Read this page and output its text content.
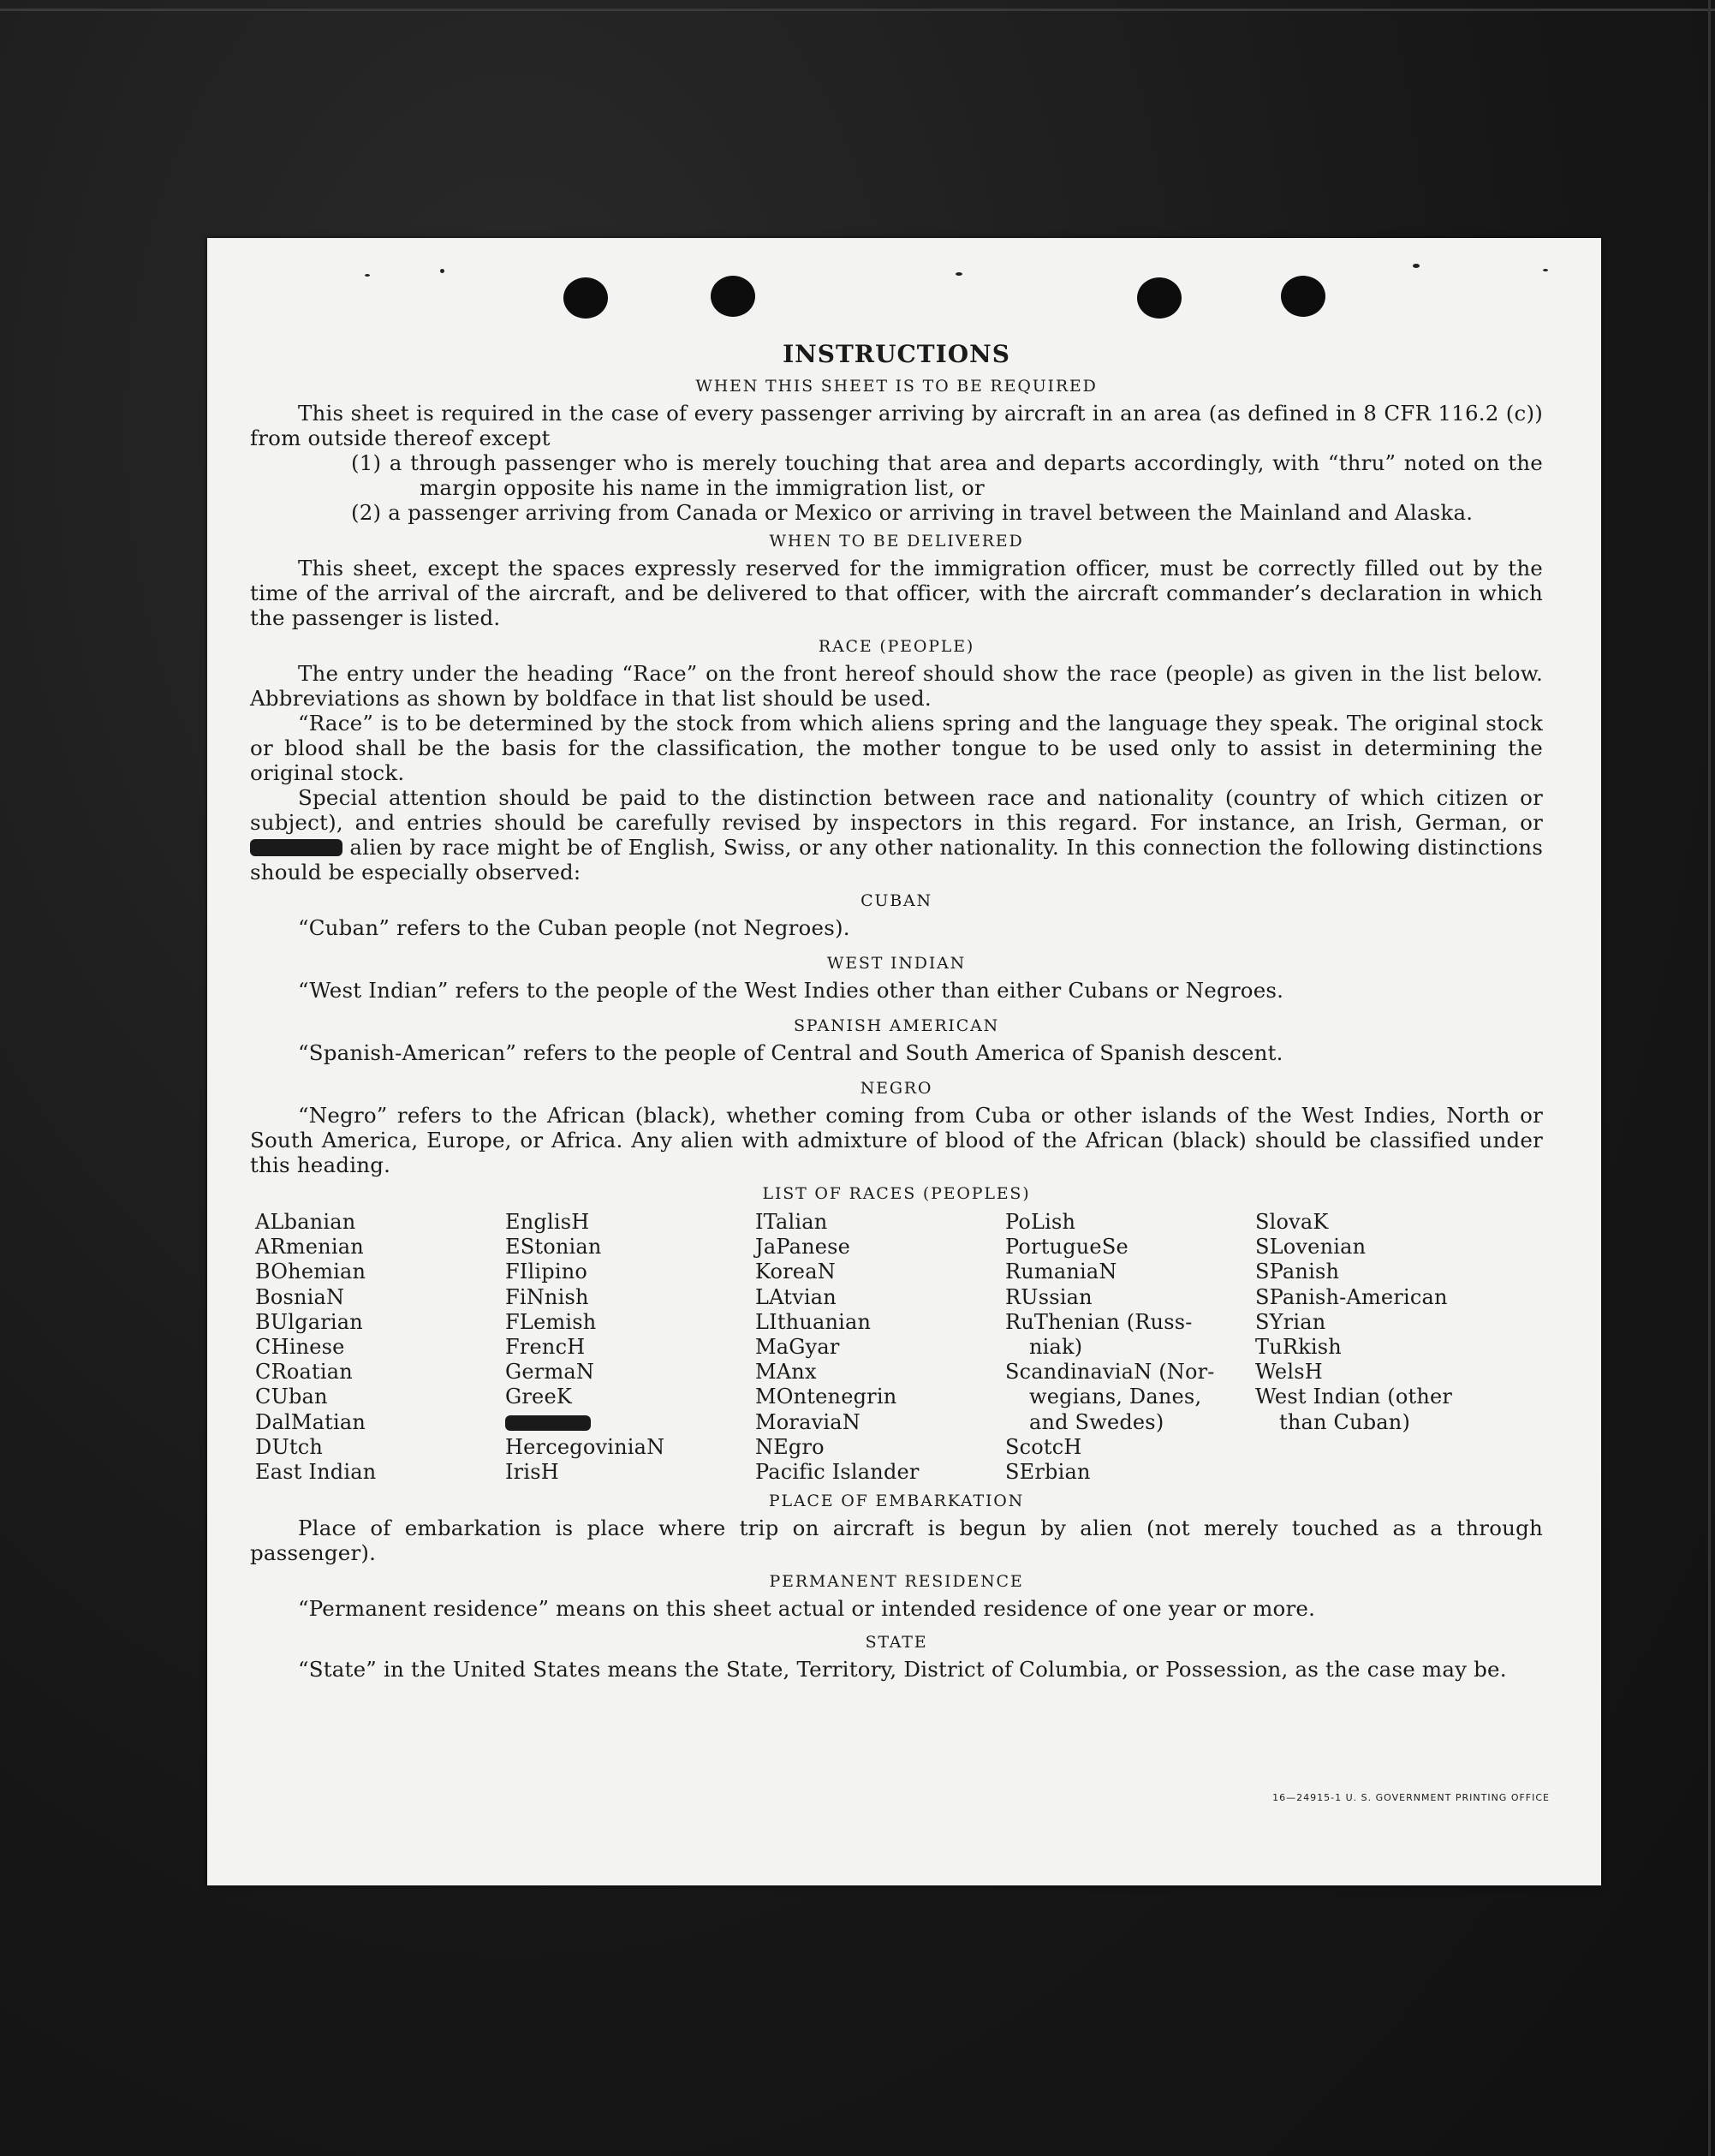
INSTRUCTIONS

WHEN THIS SHEET IS TO BE REQUIRED

This sheet is required in the case of every passenger arriving by aircraft in an area (as defined in 8 CFR 116.2 (c)) from outside thereof except

(1) a through passenger who is merely touching that area and departs accordingly, with “thru” noted on the margin opposite his name in the immigration list, or

(2) a passenger arriving from Canada or Mexico or arriving in travel between the Mainland and Alaska.

WHEN TO BE DELIVERED

This sheet, except the spaces expressly reserved for the immigration officer, must be correctly filled out by the time of the arrival of the aircraft, and be delivered to that officer, with the aircraft commander’s declaration in which the passenger is listed.

RACE (PEOPLE)

The entry under the heading “Race” on the front hereof should show the race (people) as given in the list below. Abbreviations as shown by boldface in that list should be used.

“Race” is to be determined by the stock from which aliens spring and the language they speak. The original stock or blood shall be the basis for the classification, the mother tongue to be used only to assist in determining the original stock.

Special attention should be paid to the distinction between race and nationality (country of which citizen or subject), and entries should be carefully revised by inspectors in this regard. For instance, an Irish, German, or  alien by race might be of English, Swiss, or any other nationality. In this connection the following distinctions should be especially observed:

CUBAN

“Cuban” refers to the Cuban people (not Negroes).

WEST INDIAN

“West Indian” refers to the people of the West Indies other than either Cubans or Negroes.

SPANISH AMERICAN

“Spanish-American” refers to the people of Central and South America of Spanish descent.

NEGRO

“Negro” refers to the African (black), whether coming from Cuba or other islands of the West Indies, North or South America, Europe, or Africa. Any alien with admixture of blood of the African (black) should be classified under this heading.

LIST OF RACES (PEOPLES)

ALbanian

ARmenian

BOhemian

BosniaN

BUlgarian

CHinese

CRoatian

CUban

DalMatian

DUtch

East Indian

EnglisH

EStonian

FIlipino

FiNnish

FLemish

FrencH

GermaN

GreeK

HercegoviniaN

IrisH

ITalian

JaPanese

KoreaN

LAtvian

LIthuanian

MaGyar

MAnx

MOntenegrin

MoraviaN

NEgro

Pacific Islander

PoLish

PortugueSe

RumaniaN

RUssian

RuThenian (Russ-

niak)

ScandinaviaN (Nor-

wegians, Danes,

and Swedes)

ScotcH

SErbian

SlovaK

SLovenian

SPanish

SPanish-American

SYrian

TuRkish

WelsH

West Indian (other

than Cuban)

PLACE OF EMBARKATION

Place of embarkation is place where trip on aircraft is begun by alien (not merely touched as a through passenger).

PERMANENT RESIDENCE

“Permanent residence” means on this sheet actual or intended residence of one year or more.

STATE

“State” in the United States means the State, Territory, District of Columbia, or Possession, as the case may be.

16—24915-1 U. S. GOVERNMENT PRINTING OFFICE
